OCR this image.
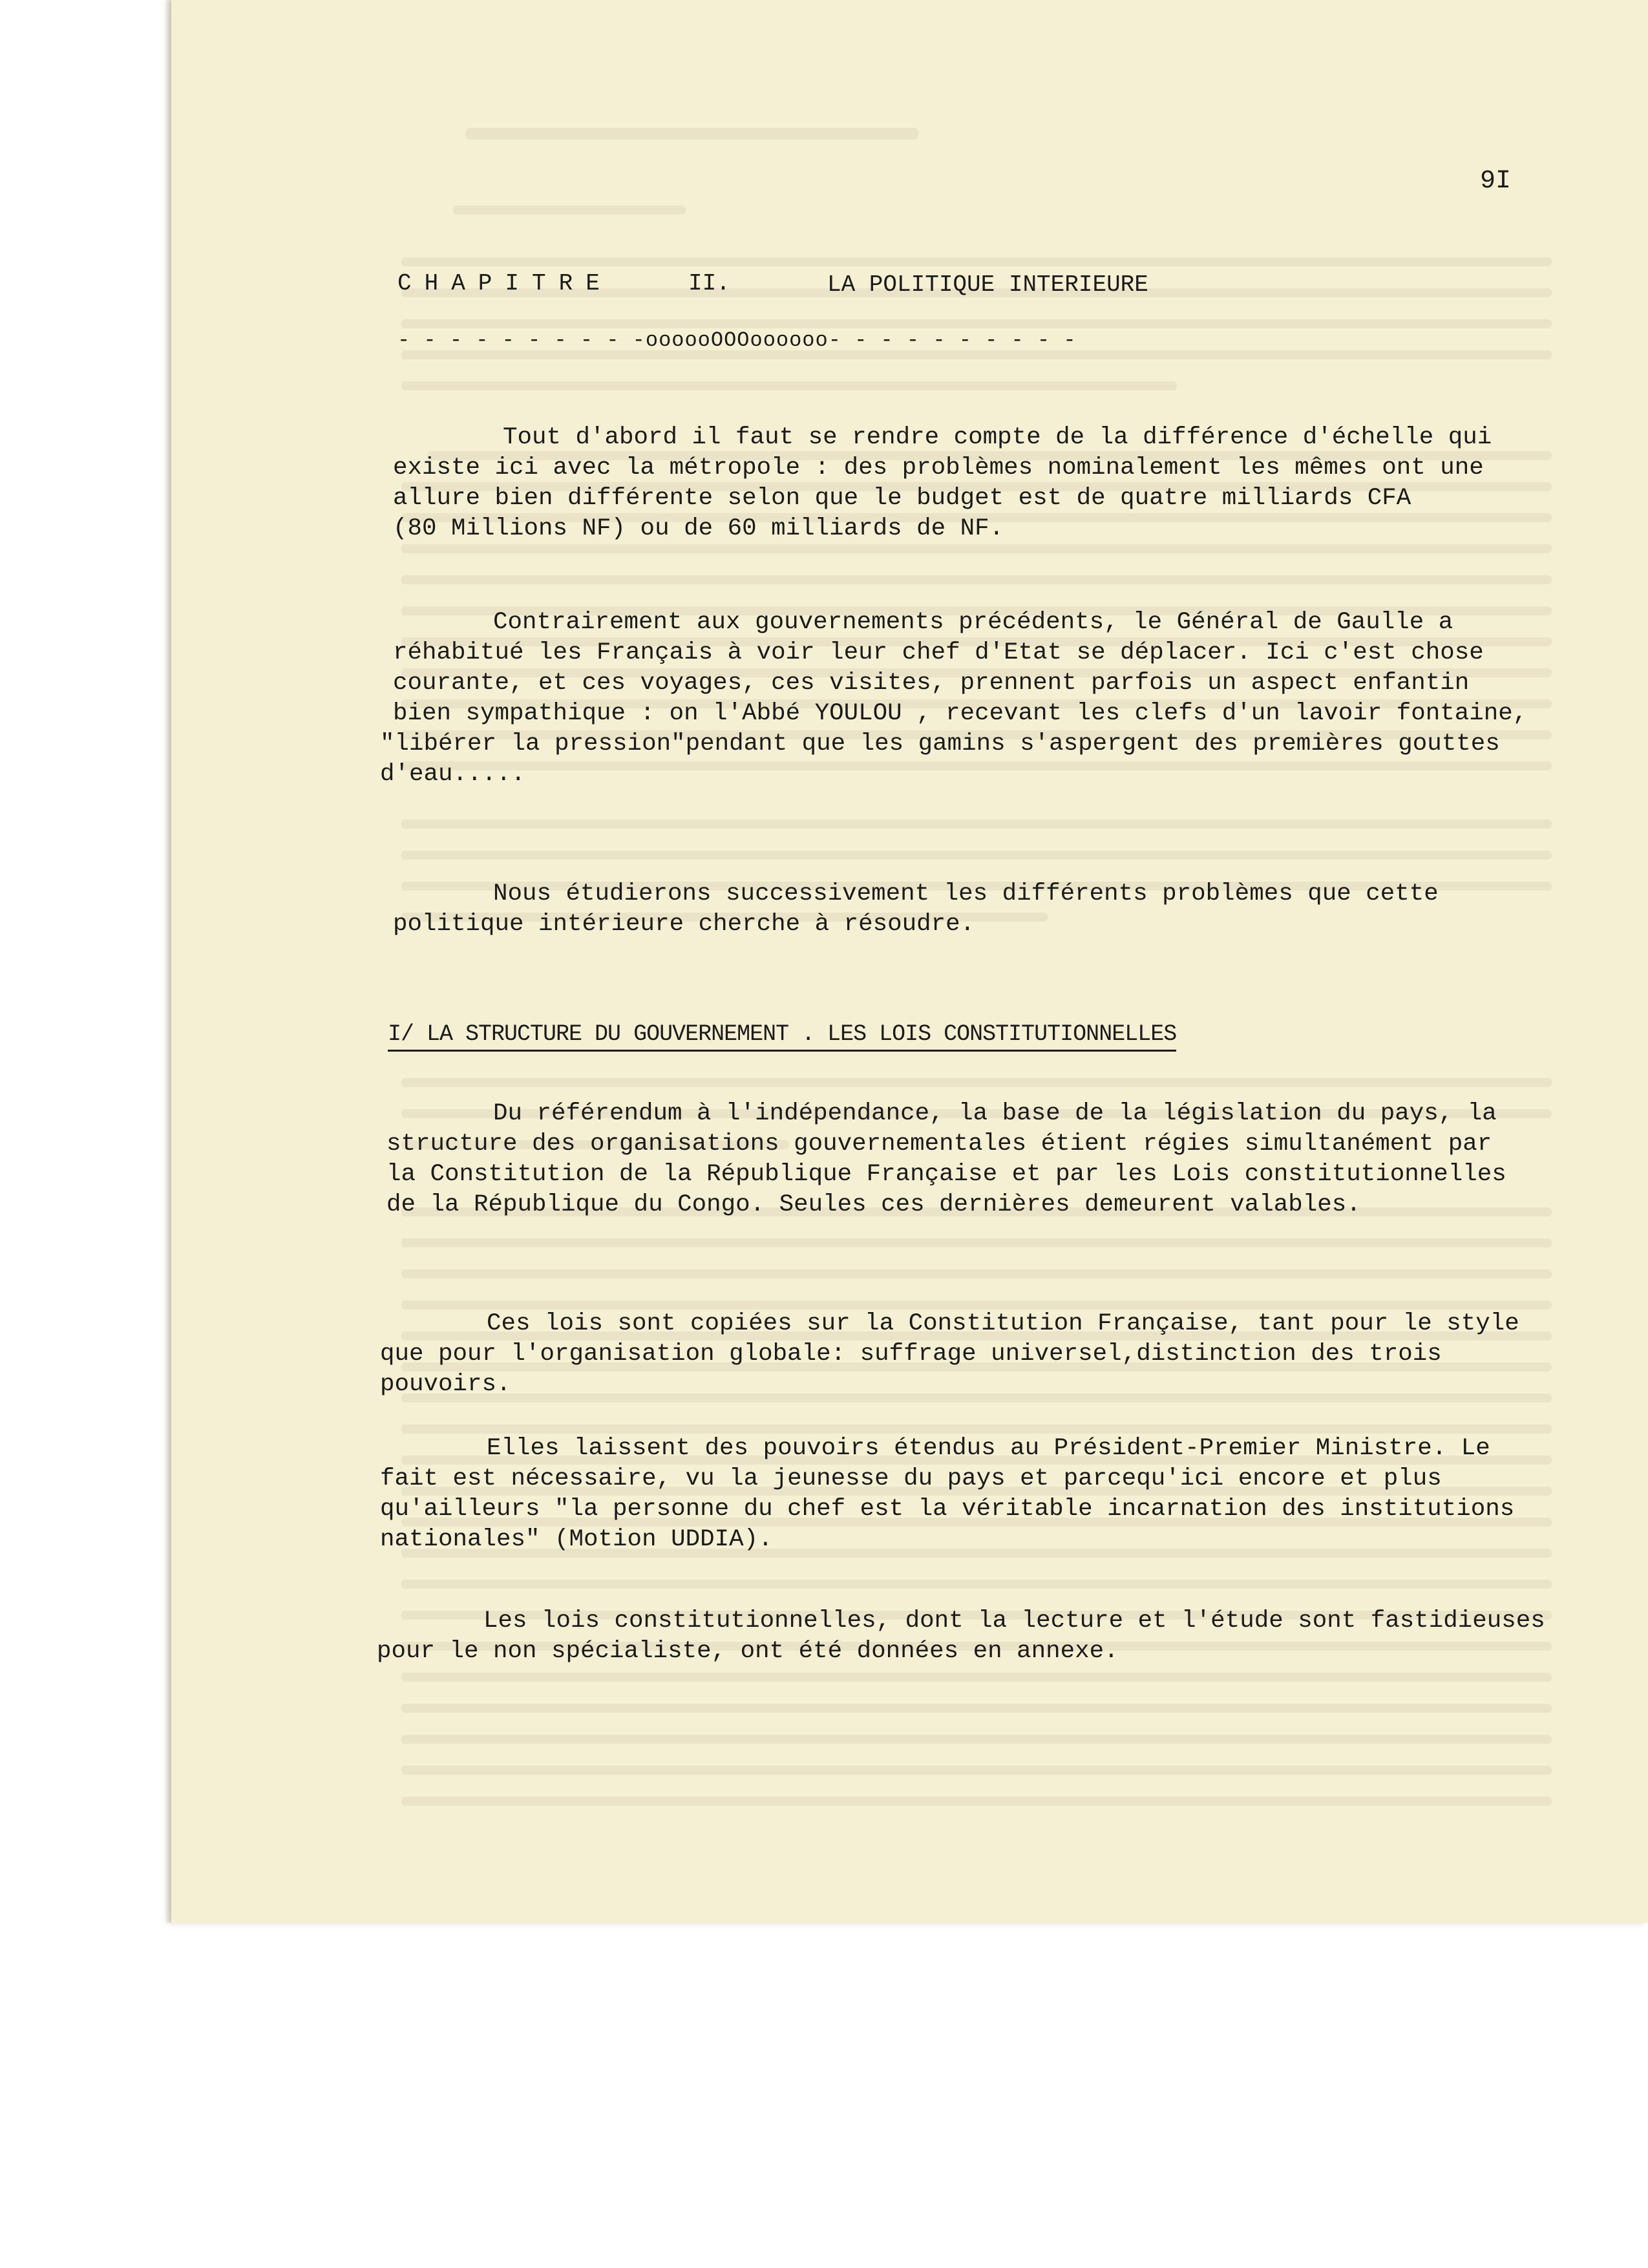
9I
CHAPITRE	II.	LA POLITIQUE INTERIEURE
- - - - - - - - - -oooooOOOoooooo- - - - - - - - - -
Tout d'abord il faut se rendre compte de la différence d'échelle qui
existe ici avec la métropole : des problèmes nominalement les mêmes ont une
allure bien différente selon que le budget est de quatre milliards CFA
(80 Millions NF) ou de 60 milliards de NF.
Contrairement aux gouvernements précédents, le Général de Gaulle a
réhabitué les Français à voir leur chef d'Etat se déplacer. Ici c'est chose
courante, et ces voyages, ces visites, prennent parfois un aspect enfantin
bien sympathique : on l'Abbé YOULOU , recevant les clefs d'un lavoir fontaine,
"libérer la pression"pendant que les gamins s'aspergent des premières gouttes
d'eau.....
Nous étudierons successivement les différents problèmes que cette
politique intérieure cherche à résoudre.
I/ LA STRUCTURE DU GOUVERNEMENT . LES LOIS CONSTITUTIONNELLES
Du référendum à l'indépendance, la base de la législation du pays, la
structure des organisations gouvernementales étient régies simultanément par
la Constitution de la République Française et par les Lois constitutionnelles
de la République du Congo. Seules ces dernières demeurent valables.
Ces lois sont copiées sur la Constitution Française, tant pour le style
que pour l'organisation globale: suffrage universel,distinction des trois
pouvoirs.
Elles laissent des pouvoirs étendus au Président-Premier Ministre. Le
fait est nécessaire, vu la jeunesse du pays et parcequ'ici encore et plus
qu'ailleurs "la personne du chef est la véritable incarnation des institutions
nationales" (Motion UDDIA).
Les lois constitutionnelles, dont la lecture et l'étude sont fastidieuses
pour le non spécialiste, ont été données en annexe.
